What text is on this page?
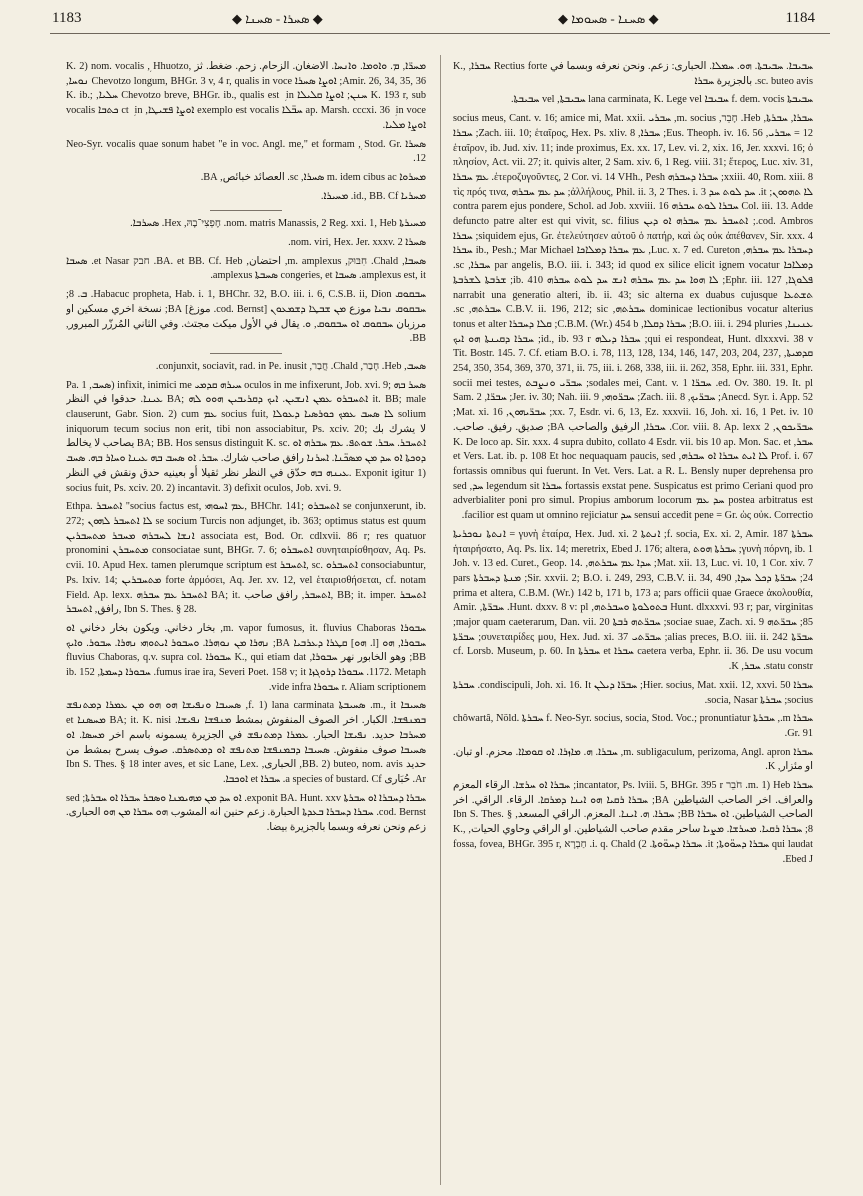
1183	◆ ܣܚܪܐ - ܣܚܢܐ ◆	◆ ܣܚܢܐ - ܣܚܘܡܐ ◆	1184

ܡܚܪ̈ܐ, ܡ. ܘܐܘܡܐ. ܘܐܢܚܐ. الاضغان. الزحام. زحم. ضغط. ثز K. 2) nom. vocalis ܼ, Hhuotzo, Amir. 26, 34, 35, 36; ܐܘܨܐ ܣܚܪܐ Chevotzo longum, BHGr. 3 v, 4 r, qualis in voce ܢܘܚܐ, K. 193 r, sub ܚܢܢ; ܐܘܨܐ ܩܠܝܠܐ Chevotzo breve, BHGr. ib., qualis est ܼ in ܚܠܝܐ, K. ib.; ap. Marsh. cccxi. 36 ܼ in voce ܚܒ̈ܠܐ exemplo est vocalis ܐܘܨܐ ܦܫܝܛܐ, ct ܼ in ܟܬܒܐ vocalis ܐܘܨܐ ܡܠܝܐ.

ܣܚܪܐ Neo-Syr. vocalis quae sonum habet "e in voc. Angl. me," et formam ܼ, Stod. Gr. 12.

ܡܚܪܘܐ m. idem cibus ac ܣܚܪܐ, sc. العصائد خبائص, BA.

ܡܚܪܝܐ id., BB. Cf. ܡܚܝܪܐ.

ܡܚܝܪܬܐ nom. matris Manassis, 2 Reg. xxi. 1, Heb. חֶפְצִי־בָהּ, Hex. ܣܚܪܒܐ.

ܣܚܪܐ nom. viri, Hex. Jer. xxxv. 2.

ܣܚܒܐ, Chald. חִבּוּק, m. amplexus, احتضان, BA. et BB. Cf. Heb. חבק et Nasar. ܣܚܒܐ amplexus est, it. ܣܚܒܐ congeries, et ܣܚܒܬܐ amplexus.

ܚܒܩܘܩ Habacuc propheta, Hab. i. 1, BHChr. 32, B.O. iii. i. 6, C.S.B. ii, Dion. ܒ. 8; ܚܒܩܘܩ ܢܒܝܐ موزع ܡܢ ܫܒܛܐ ܕܫܡܥܘܢ [cod. Bernst. موزغ] BA; نسخة اخري مسكين او مرزبان ܚܒܩܘܩ ܐܘ ܚܒܩܘܩ, ܘ. يقال في الأول ميكت مجتث. وفي الثاني المُرزّر المبرور, BB.

ܣܚܒ, Heb. חָבַר, Chald. חֲבַר, conjunxit, sociavit, rad. in Pe. inusit.

Pa. ܣܚܒ, 1) infixit, inimici me ܚܝܪܗ ܩܕܡܝ oculos in me infixerunt, Job. xvi. 9; ܣܚܪ ܒܗ ܥܝܢܐ. حدقوا في النظر BA; ܐܬܚܒܪܘ ܥܡܢ ܐܢܫܝܢ. ܐܝܟ ܕܩܪܝܒܝܢ ܗܘܘ ܠܗ it. BB; male clauserunt, Gabr. Sion. 2) cum ܥܡ socius fuit, ܠܐ ܣܚܒ ܥܡܟ ܟܘܪܣܝܐ ܕܥܘܠܐ solium iniquorum tecum socius non erit, tibi non associabitur, Ps. xciv. 20; لا يشرك بك يصاحب لا يخالط BA; BB. Hos sensus distinguit K. sc. ܐܬܚܒܪ. ܚܒܪ. ܫܘܬܦ. ܥܡ ܚܒܪܗ ܐܘ ܕܘܟܬܐ ܐܘ ܚܕ ܡܢ ܡܣܟ̈ܢܐ. ܐܚܪܢܐ رافق صاحب شارك. ܚܒܪ. ܐܘ ܣܚܒ ܒܗ ܥܝܢܐ ܘܚܐܪ ܒܗ. ܣܚܒ ܥܝܢܗ ܒܗ حدّق في النظر نظر ثقيلا أو بعينيه حدق ونقش في النظر. Exponit igitur 1) socius fuit, Ps. xciv. 20. 2) incantavit. 3) defixit oculos, Job. xvi. 9.

Ethpa. ܐܬܚܒܪ "socius factus est, ܥܡ ܐܚܘܗܝ, BHChr. 141; ܐܬܚܒܪܘ se conjunxerunt, ib. 272; ܠܐ ܐܬܚܒܪ ܠܗܘܢ se socium Turcis non adjunget, ib. 363; optimus status est quum ܐܢܫܐ ܠܚܒܪܗ ܡܚܒܪ ܡܬܚܒܪܝܢ associata est, Bod. Or. cdlxvii. 86 r; res quatuor pronomini ܡܬܚܒܪܢ consociatae sunt, BHGr. 7. 6; ܐܬܚܒܪܘ συνηταιρίσθησαν, Aq. Ps. cvii. 10. Apud Hex. tamen plerumque scriptum est ܐܬܚܒܪ, sc. ܐܬܚܒܪܘ consociabuntur, Ps. lxiv. 14; ܡܬܚܒܪܝܢ forte ἁρμόσει, Aq. Jer. xv. 12, vel ἑταιρισθήσεται, cf. notam Field. Ap. lexx. ܐܬܚܒܪ ܥܡ ܚܒܪܗ BA; it. ܐܬܚܒܪ, رافق صاحب, BB; it. imper. ܐܬܚܒܪ رافق, ܐܬܚܒܪ, Ibn S. Thes. § 28.

ܚܒܘܪܐ m. vapor fumosus, it. fluvius Chaboras, بخار دخاني. ويكون بخار دخاني ܐܘ ܚܒܘܪܐ, ܗܘ [l. ܗܘ] ܩܛܪܐ ܕܥܪܒܝܐ BA; ܢܗܪܐ ܡܢ ܢܘܗܪܐ. ܘܚܒܘܪ ܐܝܬܘܗܝ ܢܗܪܐ. ܚܒܘܪ. ܘܐܝܟ BB; وهو الخابور نهر ܚܒܘܪܐ, K., qui etiam dat ܚܒܘܪܐ fluvius Chaboras, q.v. supra col. 1172. Metaph. ܚܒܘܪܐ ܕܪܘܓܙܐ fumus irae ira, Severi Poet. 158 v; it. ܚܒܘܪܐ ܕܚܡܬܐ, ib. 152 r. Aliam scriptionem ܚܒܘܪܐ vide infra.

ܣܚܝܒܐ m., it. ܣܚܝܒܬܐ f. 1) lana carminata, ܣܚܝܒܐ ܘܢܦܝܫܐ ܗܘ ܗܘ ܡܢ ܥܡܪܐ ܕܡܬܢܦܫ ܒܡܢܦܫܐ. الكبار. اخر الصوف المنفوش بمشط ܡܢܦܫܐ ܢܦܝܫܐ. BA; it. K. nisi ܡܚܣܢܐ et ܡܚܪܒܐ حديد. ܢܦܝܫܐ الحبار. ܥܡܪܐ ܕܡܬܢܦܫ في الجزيرة يسمونه باسم اخر ܡܚܣܐ. ܐܘ ܣܚܝܒܐ صوف منفوش. ܣܚܝܒܐ ܕܒܡܢܦܫܐ ܡܬܢܦܫ ܐܘ ܕܡܬܣܪܩ. صوف يسرح بمشط من حديد BB. 2) buteo, nom. avis, الحبارى, Ibn S. Thes. § 18 inter aves, et sic Lane, Lex. Ar. حُبَارى a species of bustard. Cf. ܚܒܪܐ et ܐܘܟܒܐ.

ܚܒܪܐ ܕܚܒܪܐ ܐܘ ܚܒܪܬܐ exponit BA. Hunt. xxv. ܐܘ ܚܕ ܡܢ ܡܗܝܡܢܐ ܘܣܒܪ ܚܒܪܐ ܐܘ ܚܒܪܬܐ; sed cod. Bernst. ܚܒܪܐ ܕܚܒܪܐ ܒܥܕܬܐ الحبارة. زعم حنين انه المشوب ܗܘ ܚܒܪܐ ܡܢ ܗܘ الحبارى. زعم ونحن نعرفه وبسما بالجزيرة بيضا.

ܚܒܝܒܐ. ܚܒܝܒܬܐ. ܗܘ. ܚܡܠܐ. الحبارى: زعم. ونحن نعرفه وبسما في Rectius forte ܚܒܪܐ, K., sc. buteo avis. بالجزيرة ܚܒܪܐ

ܚܒܝܒܬܐ f. dem. vocis ܚܒܝܒܐ lana carminata, K. Lege vel ܚܒܝܒܬܐ, vel ܚܒܝܒܬܐ.

ܚܒܪܐ, ܚܒܪܬܐ, Heb. חָבֵר, m. socius, ܚܒܪܝ socius meus, Cant. v. 16; amice mi, Mat. xxii. 12 = ܚܒܪܝ, Eus. Theoph. iv. 16. 56; ܚܒܪܐ, Zach. iii. 10; ἑταῖρος, Hex. Ps. xliv. 8; ܚܒܪܐ ἑταῖρον, ib. Jud. xiv. 11; inde proximus, Ex. xx. 17, Lev. vi. 2, xix. 16, Jer. xxxvi. 16; ὁ πλησίον, Act. vii. 27; it. quivis alter, 2 Sam. xiv. 6, 1 Reg. viii. 31; ἕτερος, Luc. xiv. 31, xxiii. 40, Rom. xiii. 8; ܚܒܪܐ ܕܚܒܪܗ ἑτεροζυγοῦντες, 2 Cor. vi. 14 VHh., Pesh. ܥܡ ܚܒܪܐ ܠܐ ܬܗܘܘܢ; it. ܚܕ ܠܘܬ ܚܕ ἀλλήλους, Phil. ii. 3, 2 Thes. i. 3; ܚܕ ܥܡ ܚܒܪܗ τὶς πρός τινα, Col. iii. 13. Adde ܚܒܪܐ ܠܘܬ ܚܒܪܗ contra parem ejus pondere, Schol. ad Job. xxviii. 16 cod. Ambros.; ܐܬܚܒܪ ܥܡ ܚܒܪܗ ܐܘ ܕܝܢ defuncto patre alter est qui vivit, sc. filius siquidem ejus, Gr. ἐτελεύτησεν αὐτοῦ ὁ πατήρ, καὶ ὡς οὐκ ἀπέθανεν, Sir. xxx. 4; ܚܒܪܐ ܕܚܒܪܐ ܥܡ ܚܒܪܗ, Luc. x. 7 ed. Cureton, ܥܡ ܚܒܪܐ ܕܡܠܐܟܐ ib., Pesh.; Mar Michael ܚܒܪܐ ܕܡܠܐܟܐ par angelis, B.O. iii. i. 343; id quod ex silice elicit ignem vocatur ܚܒܪܐ, sc. ܦܠܘܓܐ, Ephr. iii. 127; ܠܐ ܗܘܐ ܚܕ ܥܡ ܚܒܪܗ ܐܢܫ ܚܕ ܠܘܬ ܚܒܪܗ ib. 410; ܫܪܒܬܐ ܠܫܪܒܬܐ ܬܫܬܥܐ narrabit una generatio alteri, ib. ii. 43; sic alterna ex duabus cujusque dominicae lectionibus vocatur alterius ܚܒܪܬܗ, C.B.V. ii. 196, 212; sic ܚܒܪܬܗ, sc. ܥܢܝܢܐ, B.O. iii. i. 294 pluries; ܚܒܪܐ ܕܩܠܐ, C.B.M. (Wr.) 454 b; ܩܠܐ ܕܚܒܪܐ tonus et alter qui ei respondeat, Hunt. dlxxxvi. 38 v; ܚܒܪܐ ܕܝܠܗ id., ib. 93 r; ܚܒܪܐ ܕܩܝܢܬܐ ܗܘ ܐܝܟ ܩܕܡܝܬܐ, Tit. Bostr. 145. 7. Cf. etiam B.O. i. 78, 113, 128, 134, 146, 147, 203, 204, 237, 254, 350, 354, 369, 370, 371, ii. 75, iii. i. 268, 338, iii. ii. 262, 358, Ephr. iii. 331, Ephr. ed. Ov. 380. 19. It. pl. ܚܒܪ̈ܐ sodales mei, Cant. v. 1; ܚܒܪ̈ܝ ܘܢܨܒܬ socii mei testes, Anecd. Syr. i. App. 52; ܚܒܪ̈ܝܟ, Zach. iii. 8; ܚܒܪ̈ܘܗܝ, Jer. iv. 30; Nah. iii. 9; ܚܒܪ̈ܐ, 2 Sam. xx. 7, Esdr. vi. 6, 13, Ez. xxxvii. 16, Joh. xi. 16, 1 Pet. iv. 10; ܚܒܪ̈ܝܗܘܢ, Mat. xi. 16; ܚܒܪ̈ܝܟܘܢ, 2 Cor. viii. 8. Ap. lexx. ܚܒܪܐ, الرفيق والصاحب BA; صديق. رفيق. صاحب. ܚܒܪ, K. De loco ap. Sir. xxx. 4 supra dubito, collato 4 Esdr. vii. bis 10 ap. Mon. Sac. et Prof. i. 67 ܠܐ ܐܝܬ ܚܒܪܐ ܐܘ ܚܒܪܗ, et Vers. Lat. ib. p. 108 Et hoc nequaquam paucis, sed fortassis omnibus qui fuerunt. In Vet. Vers. Lat. a R. L. Bensly nuper deprehensa pro fortassis exstat pene. Suspicatus est primo Ceriani quod pro ܚܒܪܐ legendum sit ܚܕ, sed postea arbitratus est ܚܕ ܥܡ adverbialiter poni pro simul. Propius amborum locorum sensui accedit pene = Gr. ὡς οὐκ. Correctio ܚܕ facilior est quam ut omnino rejiciatur.

ܚܒܪܬܐ f. socia, Ex. xi. 2, Amir. 187; ܐܢܬܬܐ γυνὴ ἑταίρα, Hex. Jud. xi. 2 = ܐܢܬܬܐ ܢܘܟܪܝܬܐ γυνὴ πόρνη, ib. 1; ܚܒܪܬܐ ܗܘܬ ἡταιρήσατο, Aq. Ps. lix. 14; meretrix, Ebed J. 176; altera, Mat. xii. 13, Luc. vi. 10, 1 Cor. xiv. 7; ܚܕܐ ܥܡ ܚܒܪܬܗ, Joh. v. 13 ed. Curet., Geop. 14. 24; ܚܒܪ̈ܬܐ ܕܟܠ ܚܕܐ, Sir. xxvii. 2; B.O. i. 249, 293, C.B.V. ii. 34, 490; ܡܢܬܐ ܕܚܒܪܬܐ pars prima et altera, C.B.M. (Wr.) 142 b, 171 b, 173 a; pars officii quae Graece ἀκολουθία, Hunt. dlxxxvi. 93 r; par, virginitas ܒܬܘܠܘܬܐ ܘܚܒܪܬܗ, Hunt. dxxv. 8 v: pl. ܚܒܪ̈ܬܐ, Amir. 85; ܚܒܪ̈ܬܗ sociae suae, Zach. xi. 9; ܚܒܪ̈ܬܗ ܪܒܬܐ major quam caeterarum, Dan. vii. 20; ܚܒܪ̈ܬܐ alias preces, B.O. iii. ii. 242; ܚܒܪ̈ܬܝ συνεταιρίδες μου, Hex. Jud. xi. 37; ܚܒܪ̈ܬܐ caetera verba, Ephr. ii. 36. De usu vocum ܚܒܪܐ et ܚܒܪܬܐ cf. Lorsb. Museum, p. 60. In statu constr. ܚܒܪ, K.

ܚܒܪܐ Hier. socius, Mat. xxii. 12, xxvi. 50; ܚܒܪ̈ܐ ܕܝܠܢ condiscipuli, Joh. xi. 16. It. ܚܒܪܬܐ socius; ܚܒܪܬܐ socia, Nasar.

ܚܒܪܐ m., ܚܒܪܬܐ f. Neo-Syr. socius, socia, Stod. Voc.; pronuntiatur ܚܒܪܬܐ chôwartâ, Nöld. Gr. 91.

ܚܒܪܐ m. subligaculum, perizoma, Angl. apron, ܚܒܪܐ. ܗ. ܡܐܙܪܐ. ܐܘ ܩܘܡܐܐ. محزم. او تبان. او مئزار, K.

ܚܒܪܐ m. 1) Heb. חֹבֵר incantator, Ps. lviii. 5, BHGr. 395 r; ܚܒܪܐ ܐܘ ܚܪܫܐ. الرقاء المعزم والعراف. اخر الصاحب الشياطين BA; ܚܒܪܐ ܪܩܝܐ ܗܘ ܐܝܢܐ ܕܡܪܩܐ. الرقاء. الراقي. اخر الصاحب الشياطين. ܐܘ ܚܒܪܐ BB; ܚܒܪܐ. ܗ. ܐܝܢܐ. المعزم. الراقي المسعد, Ibn S. Thes. § 8; ܚܒܪܐ ܪܩܝܐ. ܡܚܪܫܐ. ܡܨܝܐ ساحر مقدم صاحب الشياطين. او الراقي وحاوي الحيات, K., qui laudat ܚܒܪܐ ܕܚܘ̈ܘܬܐ; it. ܚܒܪܐ ܕܚܘ̈ܘܬܐ. 2) i. q. Chald. חַבְרָא fossa, fovea, BHGr. 395 r, Ebed J.
